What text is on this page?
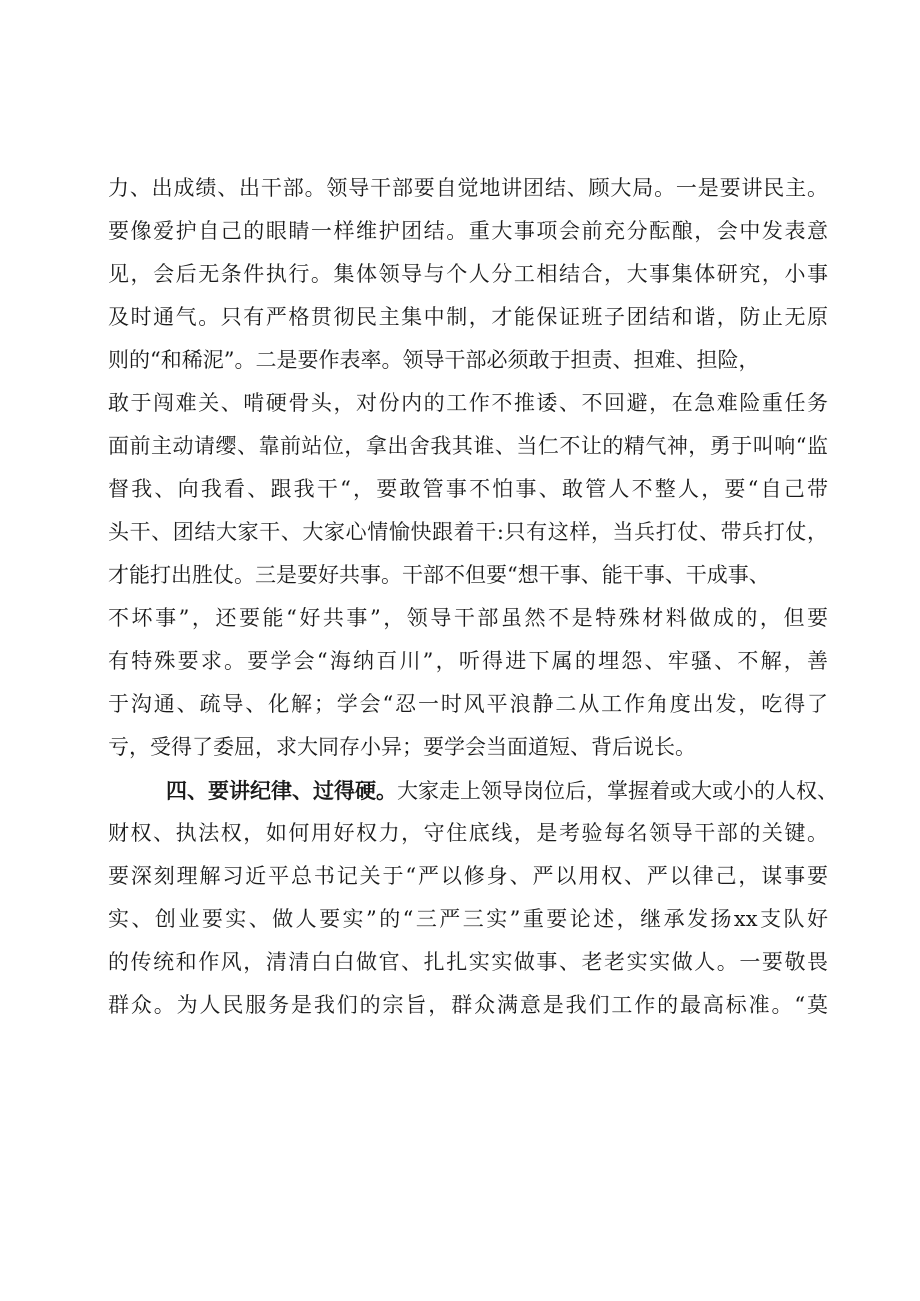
力、出成绩、出干部。领导干部要自觉地讲团结、顾大局。一是要讲民主。
要像爱护自己的眼睛一样维护团结。重大事项会前充分酝酿，会中发表意
见，会后无条件执行。集体领导与个人分工相结合，大事集体研究，小事
及时通气。只有严格贯彻民主集中制，才能保证班子团结和谐，防止无原
则的“和稀泥”。二是要作表率。领导干部必须敢于担责、担难、担险，
敢于闯难关、啃硬骨头，对份内的工作不推诿、不回避，在急难险重任务
面前主动请缨、靠前站位，拿出舍我其谁、当仁不让的精气神，勇于叫响“监
督我、向我看、跟我干“，要敢管事不怕事、敢管人不整人，要“自己带
头干、团结大家干、大家心情愉快跟着干:只有这样，当兵打仗、带兵打仗，
才能打出胜仗。三是要好共事。干部不但要“想干事、能干事、干成事、
不坏事”，还要能“好共事”，领导干部虽然不是特殊材料做成的，但要
有特殊要求。要学会“海纳百川”，听得进下属的埋怨、牢骚、不解，善
于沟通、疏导、化解；学会“忍一时风平浪静二从工作角度出发，吃得了
亏，受得了委屈，求大同存小异；要学会当面道短、背后说长。
四、要讲纪律、过得硬。大家走上领导岗位后，掌握着或大或小的人权、
财权、执法权，如何用好权力，守住底线，是考验每名领导干部的关键。
要深刻理解习近平总书记关于“严以修身、严以用权、严以律己，谋事要
实、创业要实、做人要实”的“三严三实”重要论述，继承发扬xx支队好
的传统和作风，清清白白做官、扎扎实实做事、老老实实做人。一要敬畏
群众。为人民服务是我们的宗旨，群众满意是我们工作的最高标准。“莫
